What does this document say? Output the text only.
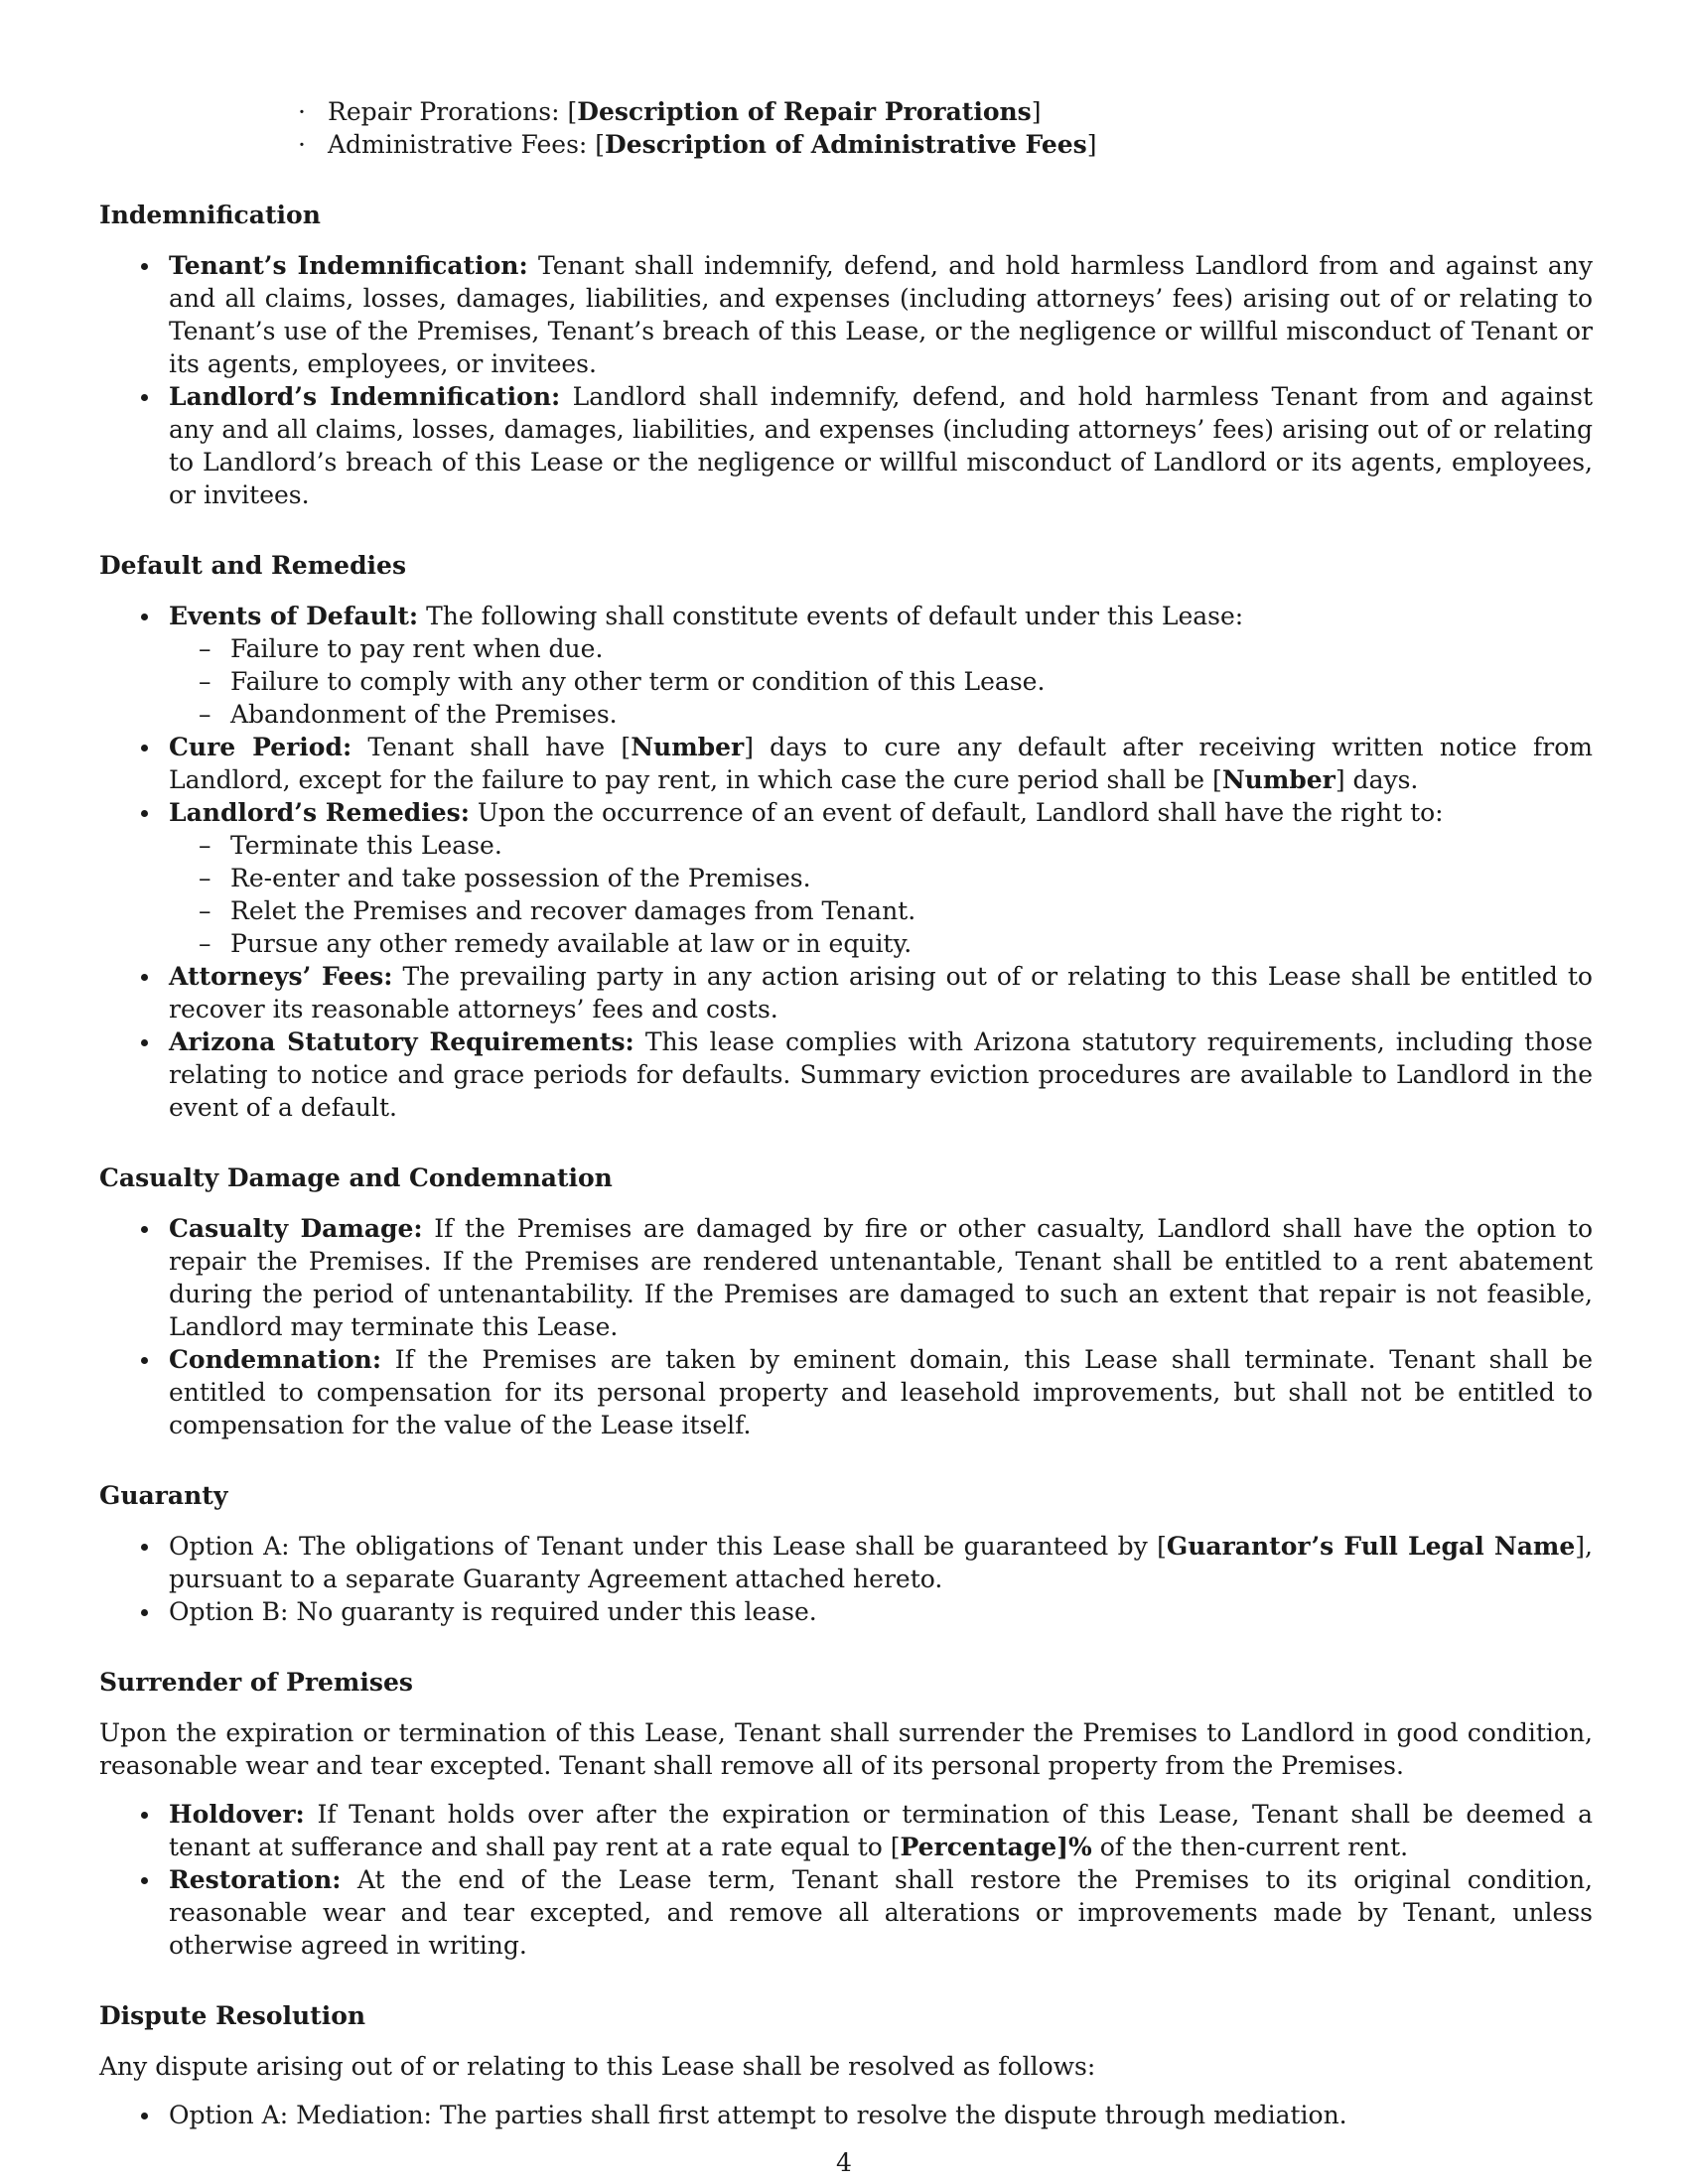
· Repair Prorations: [Description of Repair Prorations]
· Administrative Fees: [Description of Administrative Fees]
Indemnification
Tenant’s Indemnification: Tenant shall indemnify, defend, and hold harmless Landlord from and against any and all claims, losses, damages, liabilities, and expenses (including attorneys’ fees) arising out of or relating to Tenant’s use of the Premises, Tenant’s breach of this Lease, or the negligence or willful misconduct of Tenant or its agents, employees, or invitees.
Landlord’s Indemnification: Landlord shall indemnify, defend, and hold harmless Tenant from and against any and all claims, losses, damages, liabilities, and expenses (including attorneys’ fees) arising out of or relating to Landlord’s breach of this Lease or the negligence or willful misconduct of Landlord or its agents, employees, or invitees.
Default and Remedies
Events of Default: The following shall constitute events of default under this Lease:
– Failure to pay rent when due.
– Failure to comply with any other term or condition of this Lease.
– Abandonment of the Premises.
Cure Period: Tenant shall have [Number] days to cure any default after receiving written notice from Landlord, except for the failure to pay rent, in which case the cure period shall be [Number] days.
Landlord’s Remedies: Upon the occurrence of an event of default, Landlord shall have the right to:
– Terminate this Lease.
– Re-enter and take possession of the Premises.
– Relet the Premises and recover damages from Tenant.
– Pursue any other remedy available at law or in equity.
Attorneys’ Fees: The prevailing party in any action arising out of or relating to this Lease shall be entitled to recover its reasonable attorneys’ fees and costs.
Arizona Statutory Requirements: This lease complies with Arizona statutory requirements, including those relating to notice and grace periods for defaults. Summary eviction procedures are available to Landlord in the event of a default.
Casualty Damage and Condemnation
Casualty Damage: If the Premises are damaged by fire or other casualty, Landlord shall have the option to repair the Premises. If the Premises are rendered untenantable, Tenant shall be entitled to a rent abatement during the period of untenantability. If the Premises are damaged to such an extent that repair is not feasible, Landlord may terminate this Lease.
Condemnation: If the Premises are taken by eminent domain, this Lease shall terminate. Tenant shall be entitled to compensation for its personal property and leasehold improvements, but shall not be entitled to compensation for the value of the Lease itself.
Guaranty
Option A: The obligations of Tenant under this Lease shall be guaranteed by [Guarantor’s Full Legal Name], pursuant to a separate Guaranty Agreement attached hereto.
Option B: No guaranty is required under this lease.
Surrender of Premises

Upon the expiration or termination of this Lease, Tenant shall surrender the Premises to Landlord in good condition, reasonable wear and tear excepted. Tenant shall remove all of its personal property from the Premises.

Holdover: If Tenant holds over after the expiration or termination of this Lease, Tenant shall be deemed a tenant at sufferance and shall pay rent at a rate equal to [Percentage]% of the then-current rent.
Restoration: At the end of the Lease term, Tenant shall restore the Premises to its original condition, reasonable wear and tear excepted, and remove all alterations or improvements made by Tenant, unless otherwise agreed in writing.
Dispute Resolution

Any dispute arising out of or relating to this Lease shall be resolved as follows:

Option A: Mediation: The parties shall first attempt to resolve the dispute through mediation.
4
